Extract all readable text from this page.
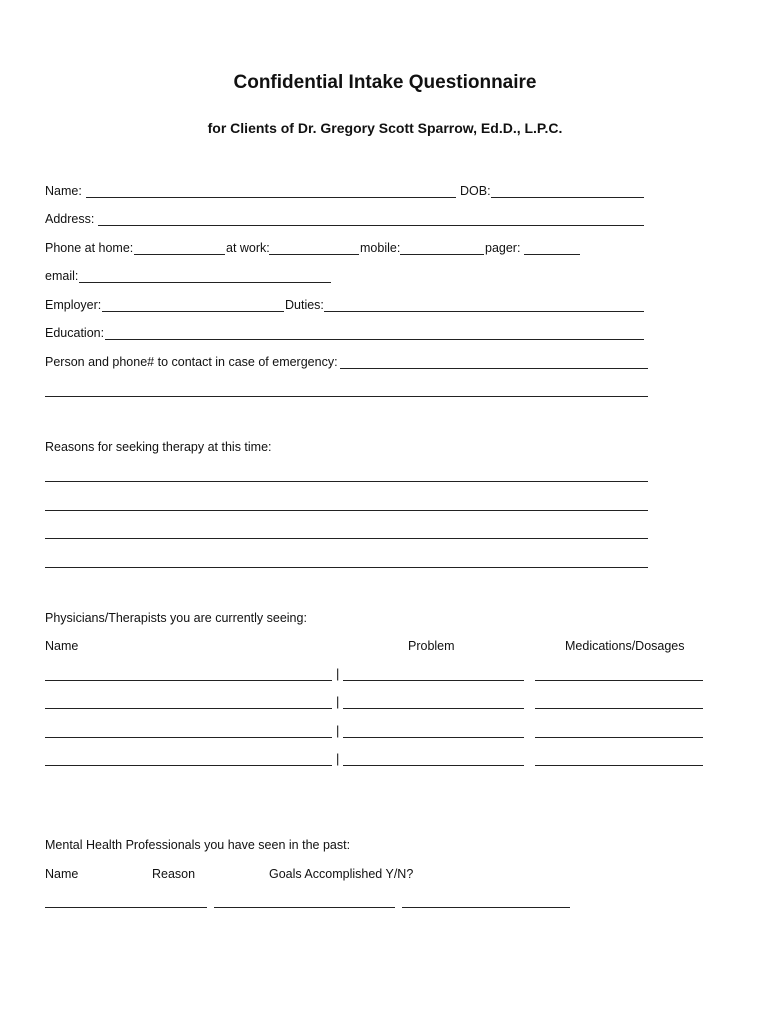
Confidential Intake Questionnaire
for Clients of Dr. Gregory Scott Sparrow, Ed.D., L.P.C.
Name:	DOB:
Address:
Phone at home:	at work:	mobile:	pager:
email:
Employer:	Duties:
Education:
Person and phone# to contact in case of emergency:
Reasons for seeking therapy at this time:
Physicians/Therapists you are currently seeing:
Name	Problem	Medications/Dosages
|
|
|
|
Mental Health Professionals you have seen in the past:
Name	Reason	Goals Accomplished Y/N?
